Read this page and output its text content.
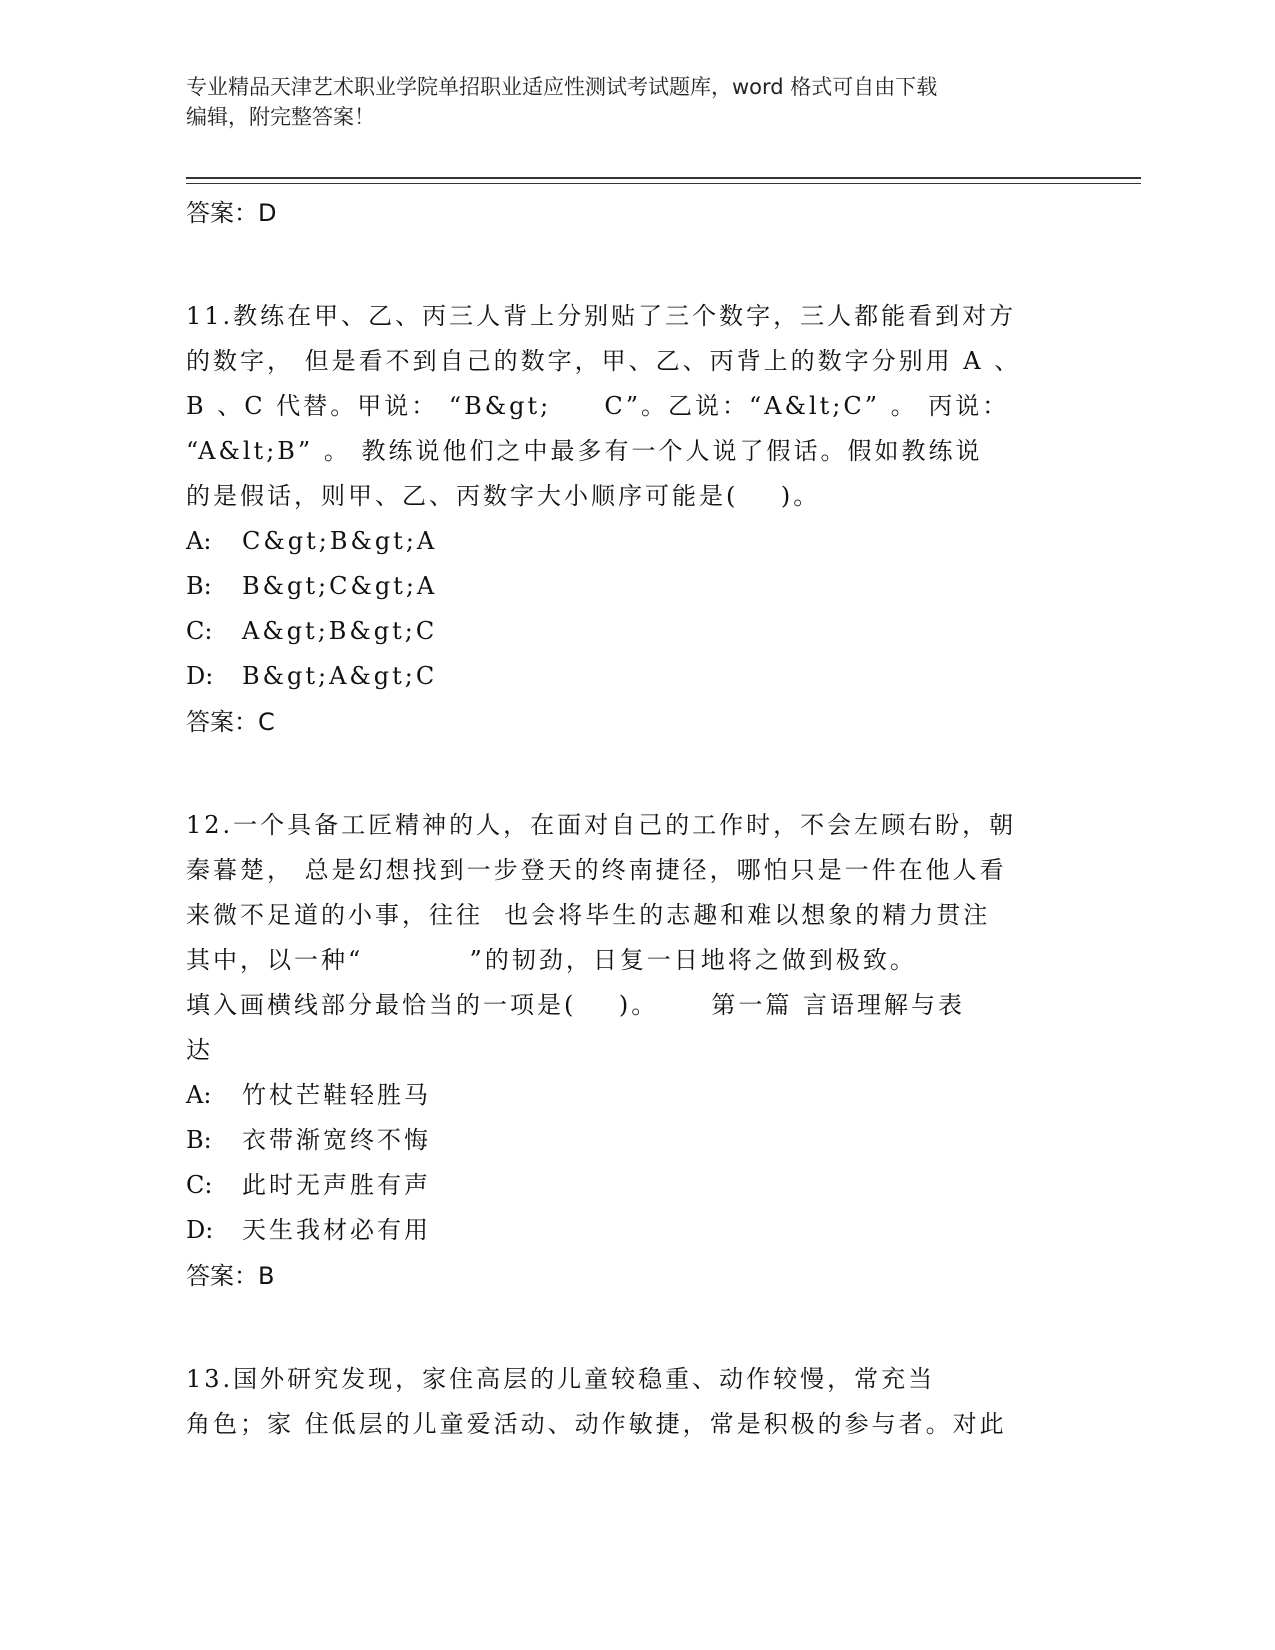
专业精品天津艺术职业学院单招职业适应性测试考试题库，word 格式可自由下载
编辑，附完整答案！
答案：D
11.教练在甲、乙、丙三人背上分别贴了三个数字，三人都能看到对方
的数字， 但是看不到自己的数字，甲、乙、丙背上的数字分别用 A 、
B 、C 代替。甲说： “B&gt;     C”。乙说：“A&lt;C” 。 丙说：
“A&lt;B” 。 教练说他们之中最多有一个人说了假话。假如教练说
的是假话，则甲、乙、丙数字大小顺序可能是(    )。
A: C&gt;B&gt;A
B: B&gt;C&gt;A
C: A&gt;B&gt;C
D: B&gt;A&gt;C
答案：C
12.一个具备工匠精神的人，在面对自己的工作时，不会左顾右盼，朝
秦暮楚， 总是幻想找到一步登天的终南捷径，哪怕只是一件在他人看
来微不足道的小事，往往  也会将毕生的志趣和难以想象的精力贯注
其中，以一种“          ”的韧劲，日复一日地将之做到极致。
填入画横线部分最恰当的一项是(    )。     第一篇 言语理解与表
达
A: 竹杖芒鞋轻胜马
B: 衣带渐宽终不悔
C: 此时无声胜有声
D: 天生我材必有用
答案：B
13.国外研究发现，家住高层的儿童较稳重、动作较慢，常充当
角色；家 住低层的儿童爱活动、动作敏捷，常是积极的参与者。对此
